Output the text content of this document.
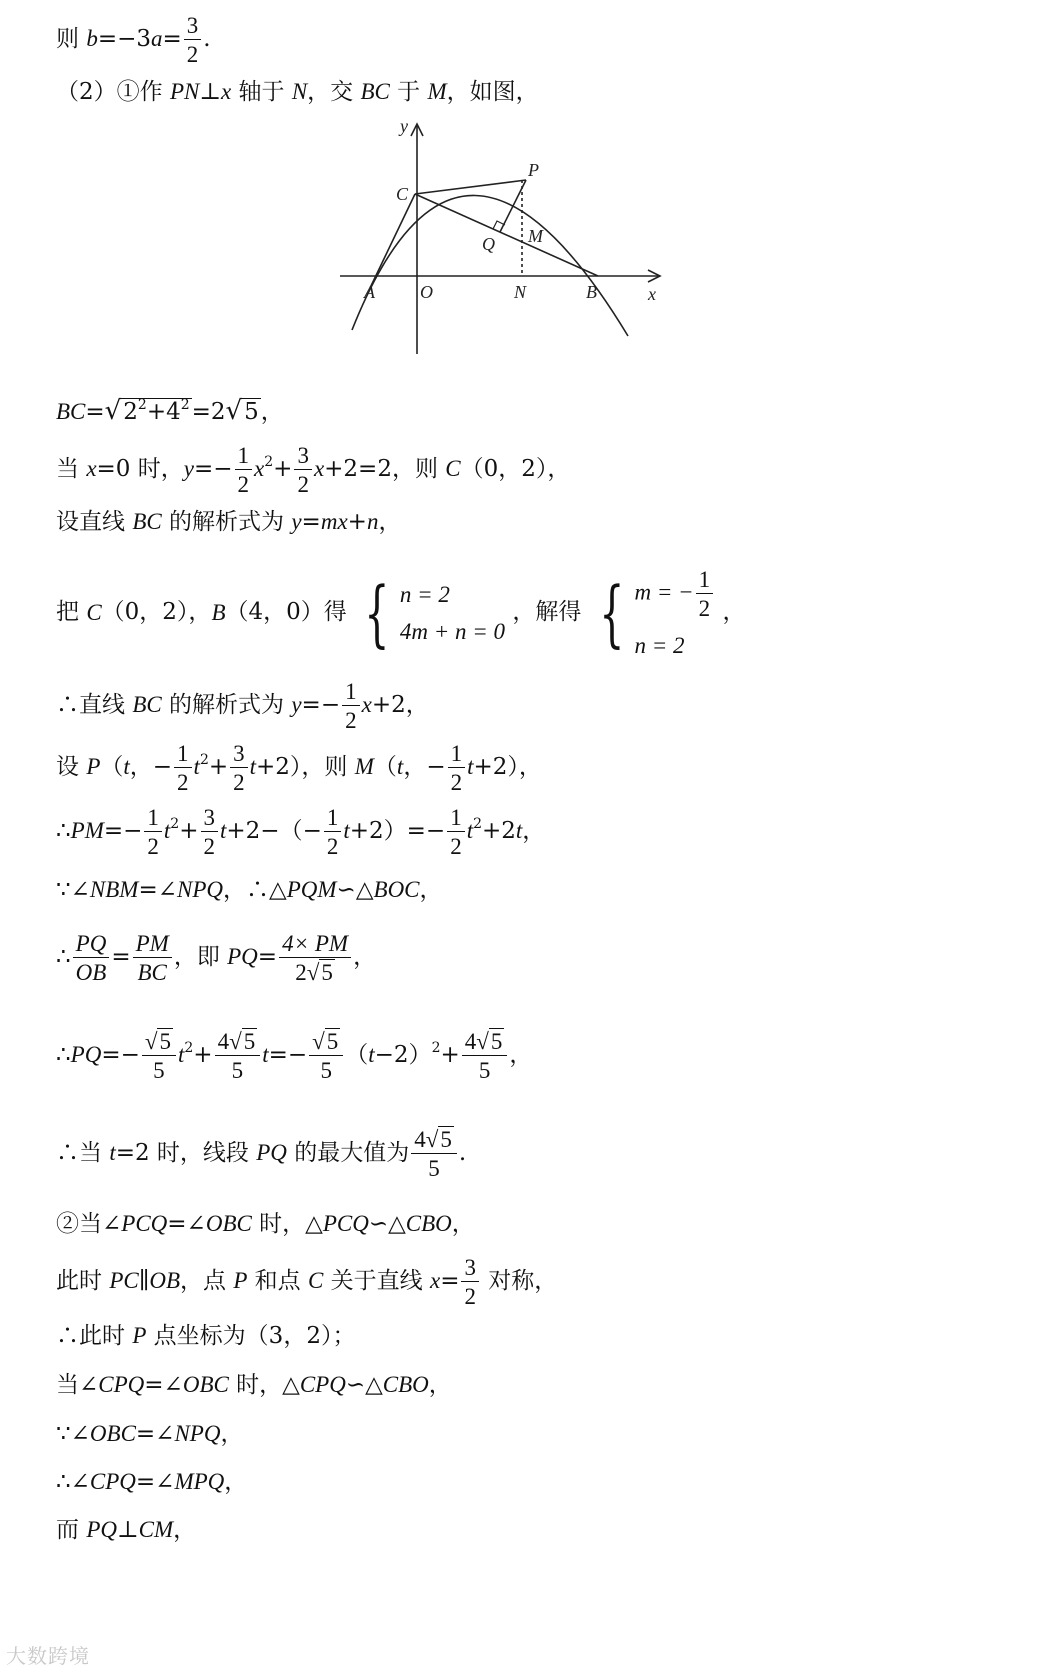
则 $b=-3a= \frac{3}{2}$ .
（2）①作 PN⊥x 轴于 N，交 BC 于 M，如图，
y
x
C
P
Q M
A	O	N	B
$BC=√2^2+4^2=2√5$，
当 x=0 时，$y=- \frac{1}{2} x^2+ \frac{3}{2} x+2=2$，则 C（0，2），
设直线 BC 的解析式为 y=mx+n，
把 C（0，2），B（4，0）得 { n = 2
4m + n = 0
，解得 { m = − $\frac{1}{2}$
n = 2
，
∴直线 BC 的解析式为 $y=- \frac{1}{2} x+2$，
设 P（t，− $\frac{1}{2} t^2+ \frac{3}{2} t+2$），则 M（t，− $\frac{1}{2} t+2$），
∴PM=− $\frac{1}{2} t^2+ \frac{3}{2} t+2-(- \frac{1}{2} t+2)=- \frac{1}{2} t^2+2t$，
∵∠NBM=∠NPQ，∴△PQM∽△BOC，
∴ $\frac{PQ}{OB} = \frac{PM}{BC}$ ，即 $PQ= \frac{4\times PM}{2√5}$ ，
∴PQ=− $\frac{√5}{5} t^2+ \frac{4√5}{5} t=- \frac{√5}{5} (t-2)^2+ \frac{4√5}{5}$ ，
∴当 t=2 时，线段 PQ 的最大值为 $\frac{4√5}{5}$ .
②当∠PCQ=∠OBC 时，△PCQ∽△CBO，
此时 PC∥OB，点 P 和点 C 关于直线 $x= \frac{3}{2}$ 对称，
∴此时 P 点坐标为（3，2）；
当∠CPQ=∠OBC 时，△CPQ∽△CBO，
∵∠OBC=∠NPQ，
∴∠CPQ=∠MPQ，
而 PQ⊥CM，
大数跨境
